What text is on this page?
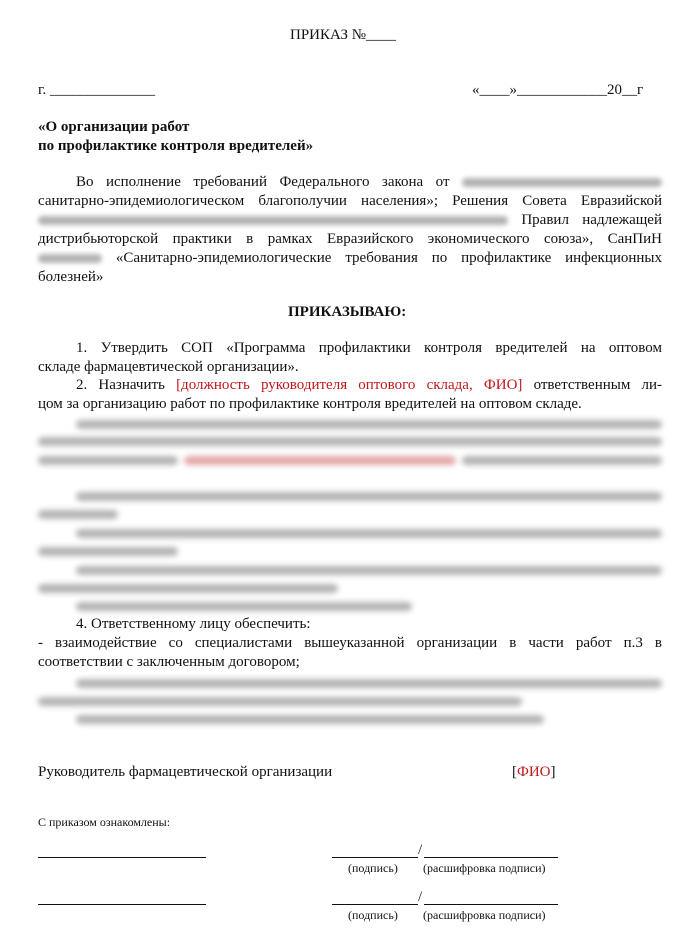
ПРИКАЗ №____
г. ______________	«____»____________20__г
«О организации работ
по профилактике контроля вредителей»
Во исполнение требований Федерального закона от
санитарно-эпидемиологическом благополучии населения»; Решения Совета Евразийской
Правил надлежащей
дистрибьюторской практики в рамках Евразийского экономического союза», СанПиН
«Санитарно-эпидемиологические требования по профилактике инфекционных
болезней»
ПРИКАЗЫВАЮ:
1. Утвердить СОП «Программа профилактики контроля вредителей на оптовом
складе фармацевтической организации».
2. Назначить [должность руководителя оптового склада, ФИО] ответственным ли-
цом за организацию работ по профилактике контроля вредителей на оптовом складе.
4. Ответственному лицу обеспечить:
- взаимодействие со специалистами вышеуказанной организации в части работ п.3 в
соответствии с заключенным договором;
Руководитель фармацевтической организации	[ФИО]
С приказом ознакомлены:
/
(подпись) (расшифровка подписи)
/
(подпись) (расшифровка подписи)
